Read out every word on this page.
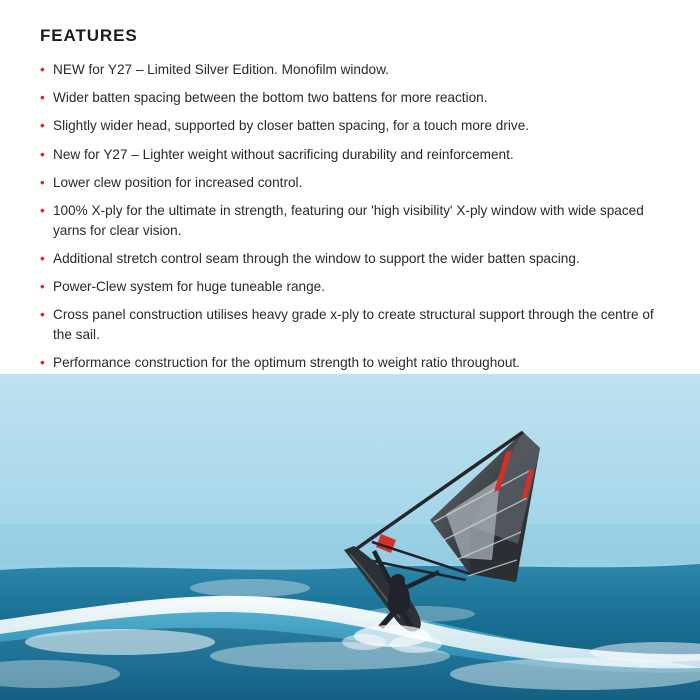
FEATURES
• NEW for Y27 – Limited Silver Edition. Monofilm window.
• Wider batten spacing between the bottom two battens for more reaction.
• Slightly wider head, supported by closer batten spacing, for a touch more drive.
• New for Y27 – Lighter weight without sacrificing durability and reinforcement.
• Lower clew position for increased control.
• 100% X-ply for the ultimate in strength, featuring our 'high visibility' X-ply window with wide spaced yarns for clear vision.
• Additional stretch control seam through the window to support the wider batten spacing.
• Power-Clew system for huge tuneable range.
• Cross panel construction utilises heavy grade x-ply to create structural support through the centre of the sail.
• Performance construction for the optimum strength to weight ratio throughout.
